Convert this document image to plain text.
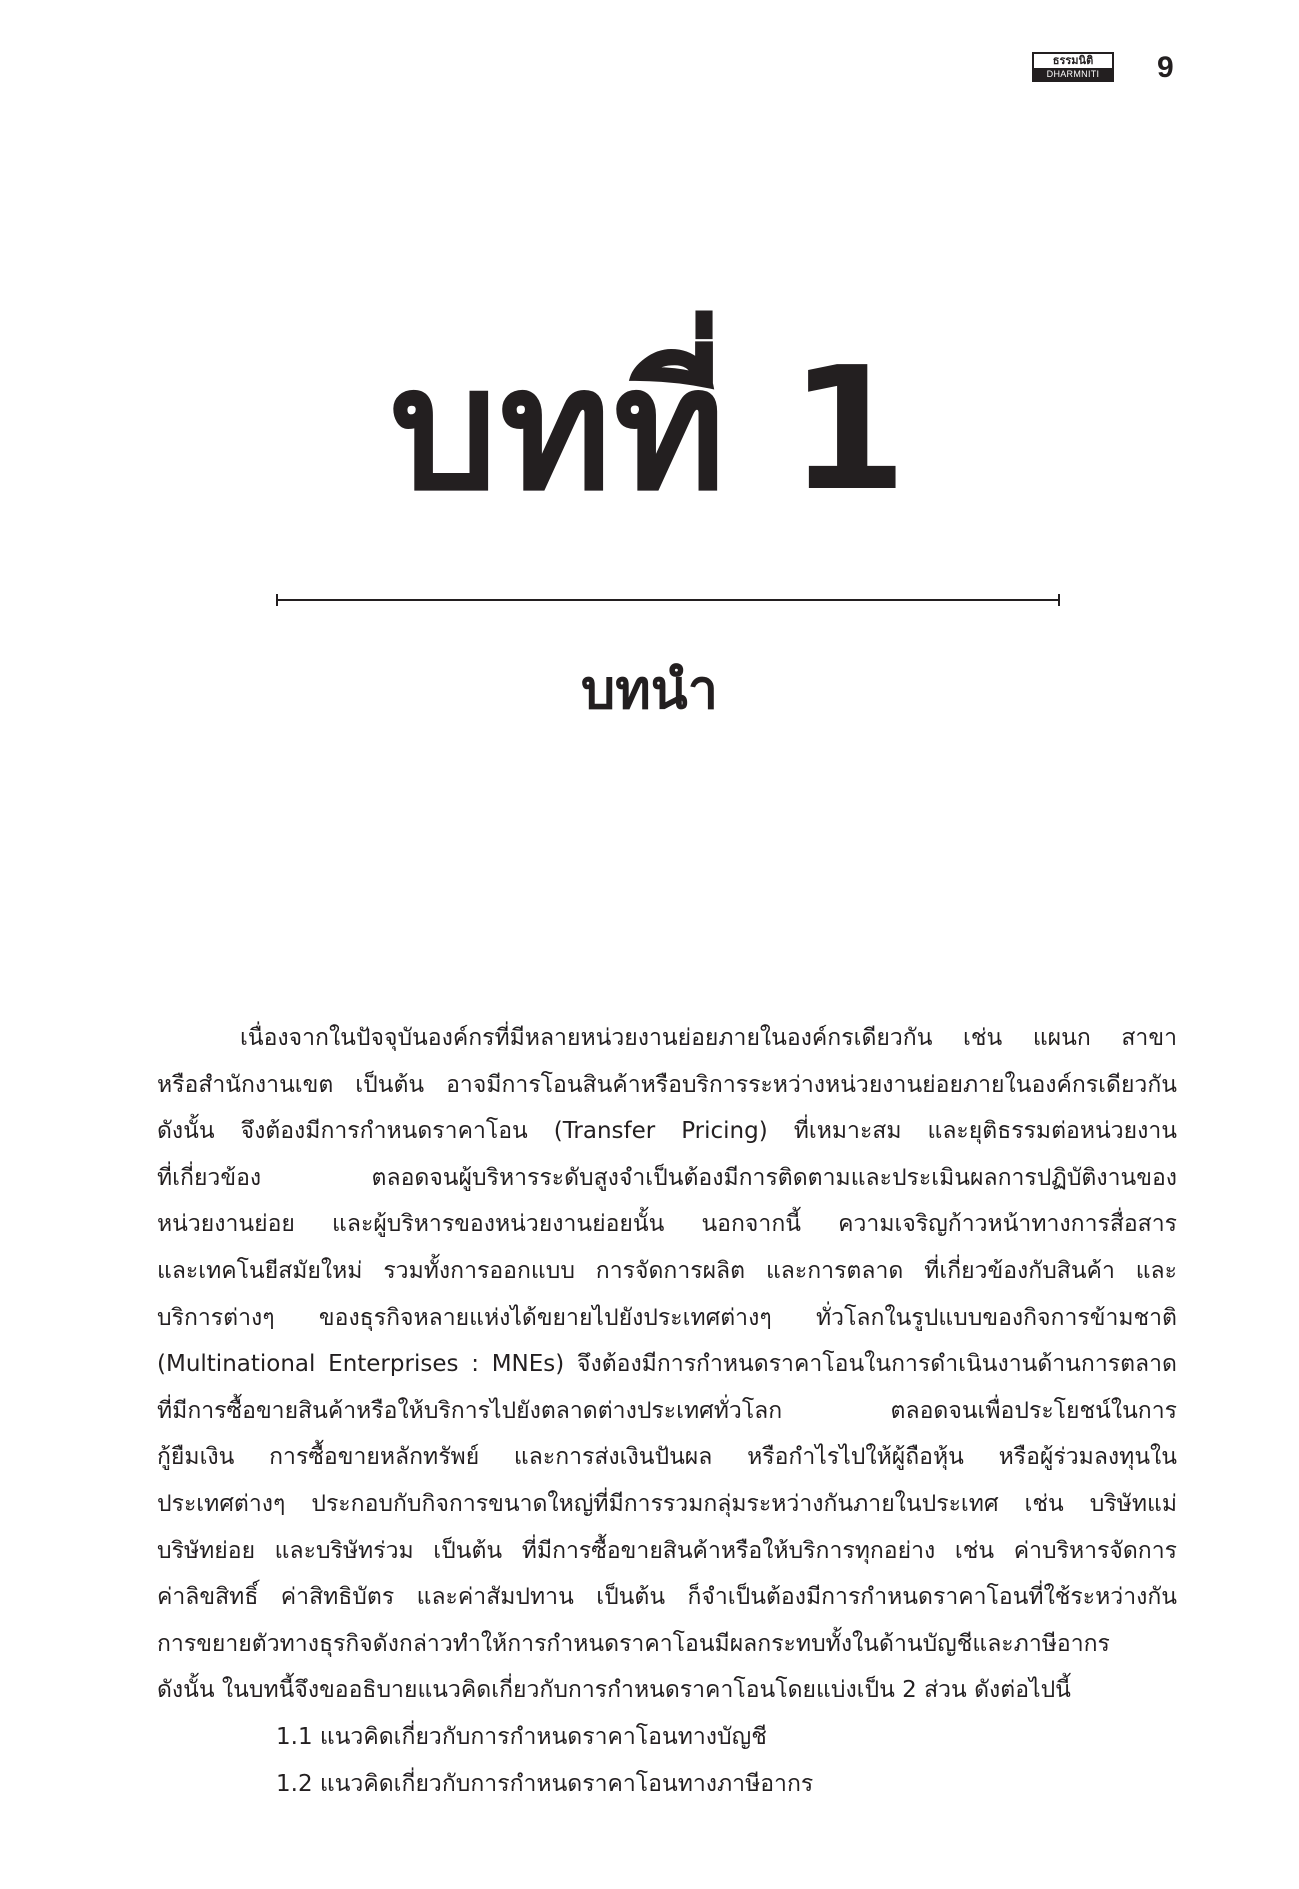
ธรรมนิติ
DHARMNITI	9
บทที่ 1
บทนำ
เนื่องจากในปัจจุบันองค์กรที่มีหลายหน่วยงานย่อยภายในองค์กรเดียวกัน เช่น แผนก สาขา
หรือสำนักงานเขต เป็นต้น อาจมีการโอนสินค้าหรือบริการระหว่างหน่วยงานย่อยภายในองค์กรเดียวกัน
ดังนั้น จึงต้องมีการกำหนดราคาโอน (Transfer Pricing) ที่เหมาะสม และยุติธรรมต่อหน่วยงาน
ที่เกี่ยวข้อง ตลอดจนผู้บริหารระดับสูงจำเป็นต้องมีการติดตามและประเมินผลการปฏิบัติงานของ
หน่วยงานย่อย และผู้บริหารของหน่วยงานย่อยนั้น นอกจากนี้ ความเจริญก้าวหน้าทางการสื่อสาร
และเทคโนยีสมัยใหม่ รวมทั้งการออกแบบ การจัดการผลิต และการตลาด ที่เกี่ยวข้องกับสินค้า และ
บริการต่างๆ ของธุรกิจหลายแห่งได้ขยายไปยังประเทศต่างๆ ทั่วโลกในรูปแบบของกิจการข้ามชาติ
(Multinational Enterprises : MNEs) จึงต้องมีการกำหนดราคาโอนในการดำเนินงานด้านการตลาด
ที่มีการซื้อขายสินค้าหรือให้บริการไปยังตลาดต่างประเทศทั่วโลก ตลอดจนเพื่อประโยชน์ในการ
กู้ยืมเงิน การซื้อขายหลักทรัพย์ และการส่งเงินปันผล หรือกำไรไปให้ผู้ถือหุ้น หรือผู้ร่วมลงทุนใน
ประเทศต่างๆ ประกอบกับกิจการขนาดใหญ่ที่มีการรวมกลุ่มระหว่างกันภายในประเทศ เช่น บริษัทแม่
บริษัทย่อย และบริษัทร่วม เป็นต้น ที่มีการซื้อขายสินค้าหรือให้บริการทุกอย่าง เช่น ค่าบริหารจัดการ
ค่าลิขสิทธิ์ ค่าสิทธิบัตร และค่าสัมปทาน เป็นต้น ก็จำเป็นต้องมีการกำหนดราคาโอนที่ใช้ระหว่างกัน
การขยายตัวทางธุรกิจดังกล่าวทำให้การกำหนดราคาโอนมีผลกระทบทั้งในด้านบัญชีและภาษีอากร
ดังนั้น ในบทนี้จึงขออธิบายแนวคิดเกี่ยวกับการกำหนดราคาโอนโดยแบ่งเป็น 2 ส่วน ดังต่อไปนี้
1.1 แนวคิดเกี่ยวกับการกำหนดราคาโอนทางบัญชี
1.2 แนวคิดเกี่ยวกับการกำหนดราคาโอนทางภาษีอากร
